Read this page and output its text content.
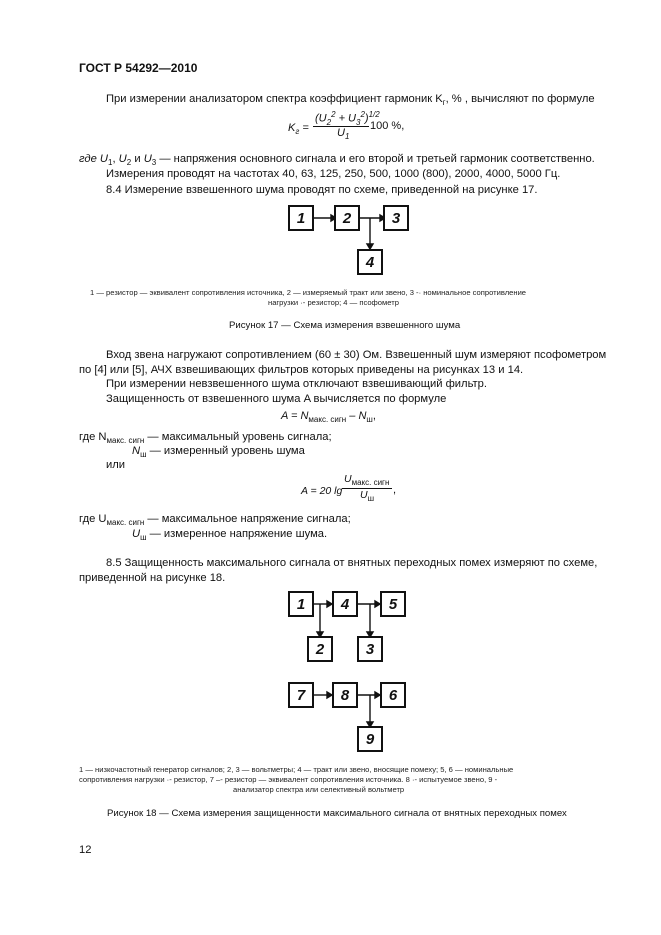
ГОСТ Р 54292—2010
При измерении анализатором спектра коэффициент гармоник $K_г$, % , вычисляют по формуле
$K_г$ =
$(U_2^2 + U_3^2)^{1/2}$
$U_1$
100 %,
где $U_1$, $U_2$ и $U_3$ — напряжения основного сигнала и его второй и третьей гармоник соответственно.
Измерения проводят на частотах 40, 63, 125, 250, 500, 1000 (800), 2000, 4000, 5000 Гц.
8.4 Измерение взвешенного шума проводят по схеме, приведенной на рисунке 17.
1	2	3
4
1 — резистор — эквивалент сопротивления источника, 2 — измеряемый тракт или звено, 3 -· номинальное сопротивление
нагрузки ·- резистор; 4 — псофометр
Рисунок 17 — Схема измерения взвешенного шума
Вход звена нагружают сопротивлением (60 ± 30) Ом. Взвешенный шум измеряют псофометром
по [4] или [5], АЧХ взвешивающих фильтров которых приведены на рисунках 13 и 14.
При измерении невзвешенного шума отключают взвешивающий фильтр.
Защищенность от взвешенного шума A вычисляется по формуле
$A = N_{макс. сигн} - N_ш$,
где $N_{макс. сигн}$ — максимальный уровень сигнала;
$N_ш$ — измеренный уровень шума
или
A = 20 lg
$U_{макс. сигн}$
$U_ш$
,
где $U_{макс. сигн}$ — максимальное напряжение сигнала;
$U_ш$ — измеренное напряжение шума.
8.5 Защищенность максимального сигнала от внятных переходных помех измеряют по схеме,
приведенной на рисунке 18.
1	4	5
2	3
7	8	6
9
1 — низкочастотный генератор сигналов; 2, 3 — вольтметры; 4 — тракт или звено, вносящие помеху; 5, 6 — номинальные
сопротивления нагрузки ·- резистор, 7 –- резистор — эквивалент сопротивления источника. 8 ·- испытуемое звено, 9 -
анализатор спектра или селективный вольтметр
Рисунок 18 — Схема измерения защищенности максимального сигнала от внятных переходных помех
12
